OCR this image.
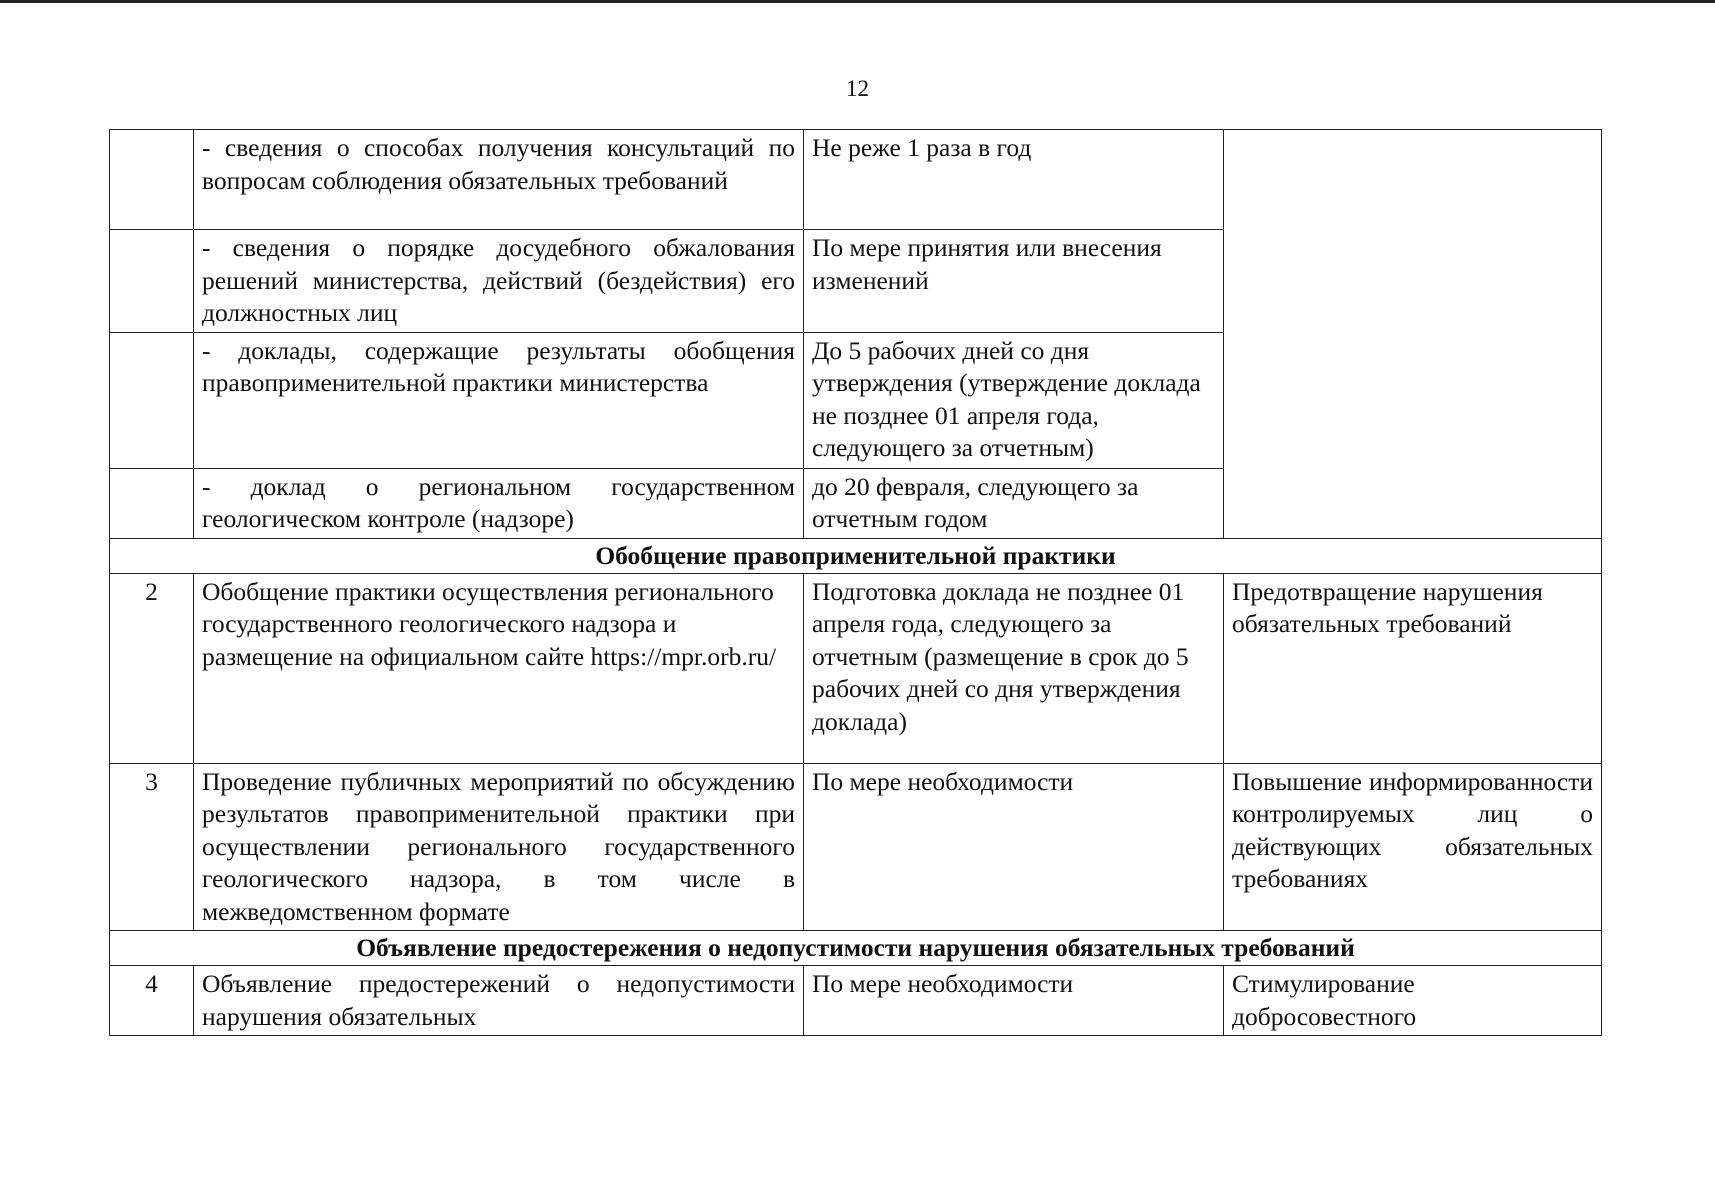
12
	- сведения о способах получения консультаций по вопросам соблюдения обязательных требований	Не реже 1 раза в год	
	- сведения о порядке досудебного обжалования решений министерства, действий (бездействия) его должностных лиц	По мере принятия или внесения изменений	
	- доклады, содержащие результаты обобщения правоприменительной практики министерства	До 5 рабочих дней со дня утверждения (утверждение доклада не позднее 01 апреля года, следующего за отчетным)	
	- доклад о региональном государственном геологическом контроле (надзоре)	до 20 февраля, следующего за отчетным годом	
Обобщение правоприменительной практики			
2	Обобщение практики осуществления регионального государственного геологического надзора и размещение на официальном сайте https://mpr.orb.ru/	Подготовка доклада не позднее 01 апреля года, следующего за отчетным (размещение в срок до 5 рабочих дней со дня утверждения доклада)	Предотвращение нарушения обязательных требований
3	Проведение публичных мероприятий по обсуждению результатов правоприменительной практики при осуществлении регионального государственного геологического надзора, в том числе в межведомственном формате	По мере необходимости	Повышение информированности контролируемых лиц о действующих обязательных требованиях
Объявление предостережения о недопустимости нарушения обязательных требований			
4	Объявление предостережений о недопустимости нарушения обязательных	По мере необходимости	Стимулирование добросовестного
